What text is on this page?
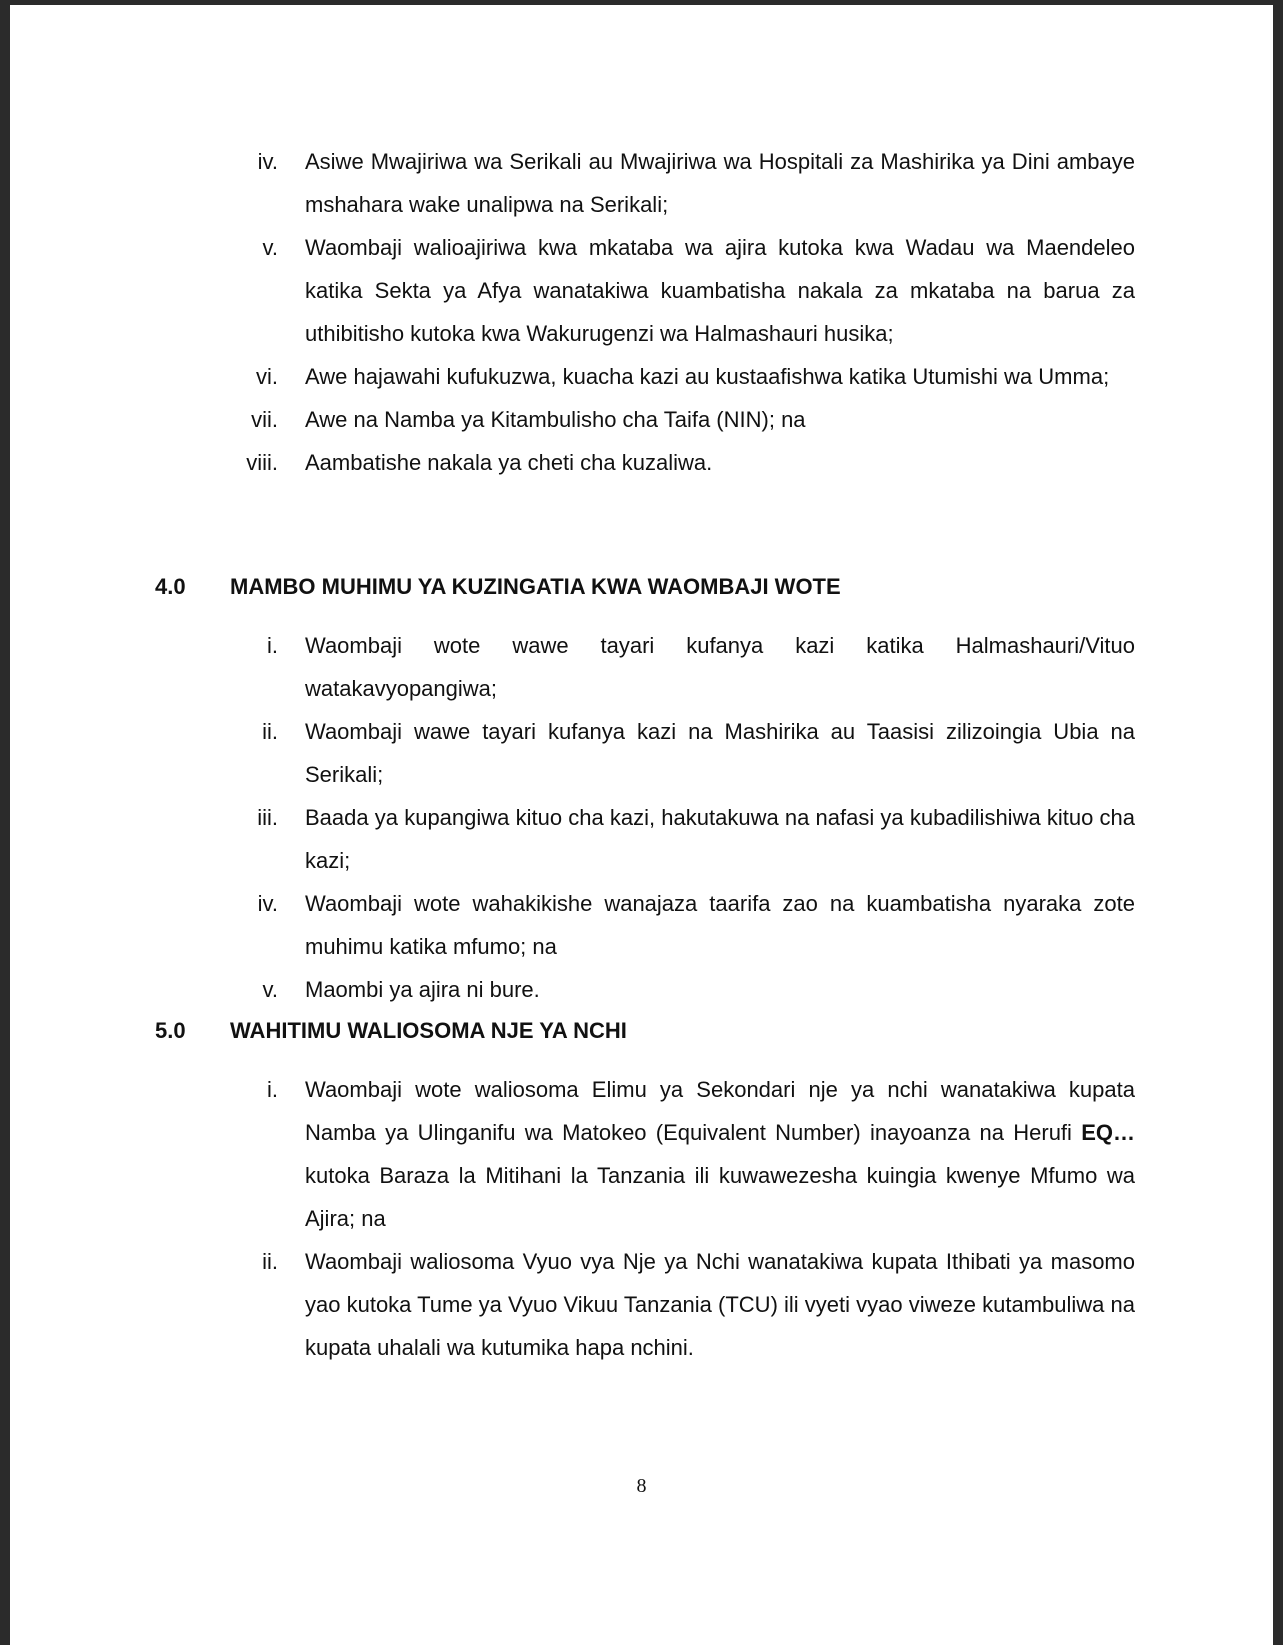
iv. Asiwe Mwajiriwa wa Serikali au Mwajiriwa wa Hospitali za Mashirika ya Dini ambaye mshahara wake unalipwa na Serikali;
v. Waombaji walioajiriwa kwa mkataba wa ajira kutoka kwa Wadau wa Maendeleo katika Sekta ya Afya wanatakiwa kuambatisha nakala za mkataba na barua za uthibitisho kutoka kwa Wakurugenzi wa Halmashauri husika;
vi. Awe hajawahi kufukuzwa, kuacha kazi au kustaafishwa katika Utumishi wa Umma;
vii. Awe na Namba ya Kitambulisho cha Taifa (NIN); na
viii. Aambatishe nakala ya cheti cha kuzaliwa.
4.0 MAMBO MUHIMU YA KUZINGATIA KWA WAOMBAJI WOTE
i. Waombaji wote wawe tayari kufanya kazi katika Halmashauri/Vituo watakavyopangiwa;
ii. Waombaji wawe tayari kufanya kazi na Mashirika au Taasisi zilizoingia Ubia na Serikali;
iii. Baada ya kupangiwa kituo cha kazi, hakutakuwa na nafasi ya kubadilishiwa kituo cha kazi;
iv. Waombaji wote wahakikishe wanajaza taarifa zao na kuambatisha nyaraka zote muhimu katika mfumo; na
v. Maombi ya ajira ni bure.
5.0 WAHITIMU WALIOSOMA NJE YA NCHI
i. Waombaji wote waliosoma Elimu ya Sekondari nje ya nchi wanatakiwa kupata Namba ya Ulinganifu wa Matokeo (Equivalent Number) inayoanza na Herufi EQ… kutoka Baraza la Mitihani la Tanzania ili kuwawezesha kuingia kwenye Mfumo wa Ajira; na
ii. Waombaji waliosoma Vyuo vya Nje ya Nchi wanatakiwa kupata Ithibati ya masomo yao kutoka Tume ya Vyuo Vikuu Tanzania (TCU) ili vyeti vyao viweze kutambuliwa na kupata uhalali wa kutumika hapa nchini.
8
